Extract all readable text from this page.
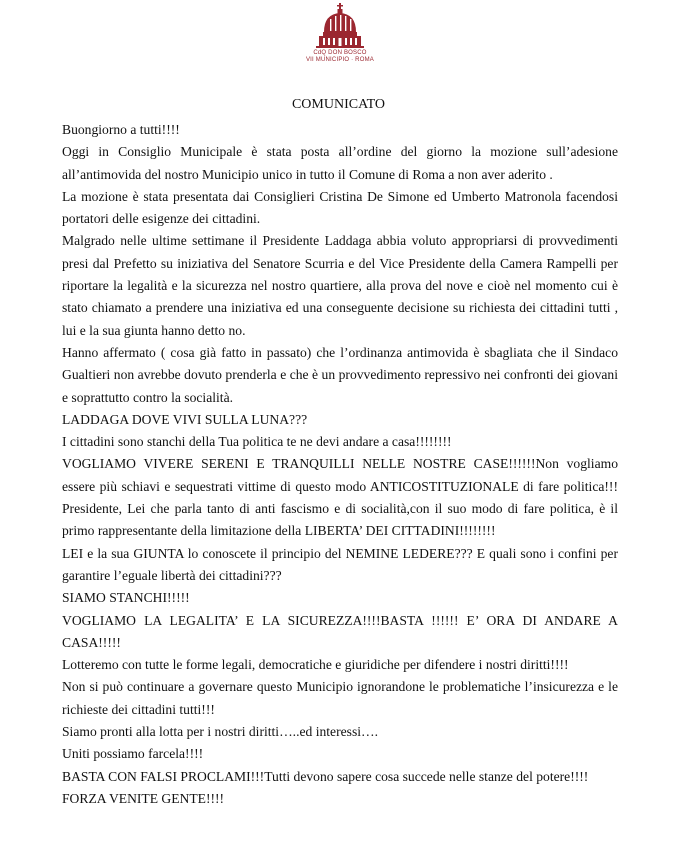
CdQ DON BOSCO
VII MUNICIPIO · ROMA
COMUNICATO
Buongiorno a tutti!!!!
Oggi in Consiglio Municipale è stata posta all’ordine del giorno la mozione sull’adesione
all’antimovida del nostro Municipio unico in tutto il Comune di Roma a non aver aderito .
La mozione è stata presentata dai Consiglieri Cristina De Simone ed Umberto Matronola facendosi
portatori delle esigenze dei cittadini.
Malgrado nelle ultime settimane il Presidente Laddaga abbia voluto appropriarsi di provvedimenti
presi dal Prefetto su iniziativa del Senatore Scurria e del Vice Presidente della Camera Rampelli per
riportare la legalità e la sicurezza nel nostro quartiere, alla prova del nove e cioè nel momento cui è
stato chiamato a prendere una iniziativa ed una conseguente decisione su richiesta dei cittadini tutti ,
lui e la sua giunta hanno detto no.
Hanno affermato ( cosa già fatto in passato) che l’ordinanza antimovida è sbagliata che il Sindaco
Gualtieri non avrebbe dovuto prenderla e che è un provvedimento repressivo nei confronti dei giovani
e soprattutto contro la socialità.
LADDAGA DOVE VIVI SULLA LUNA???
I cittadini sono stanchi della Tua politica te ne devi andare a casa!!!!!!!!
VOGLIAMO VIVERE SERENI E TRANQUILLI NELLE NOSTRE CASE!!!!!!Non vogliamo
essere più schiavi e sequestrati vittime di questo modo ANTICOSTITUZIONALE di fare politica!!!
Presidente, Lei che parla tanto di anti fascismo e di socialità,con il suo modo di fare politica, è il
primo rappresentante della limitazione della LIBERTA’ DEI CITTADINI!!!!!!!!
LEI e la sua GIUNTA lo conoscete il principio del NEMINE LEDERE??? E quali sono i confini per
garantire l’eguale libertà dei cittadini???
SIAMO STANCHI!!!!!
VOGLIAMO LA LEGALITA’ E LA SICUREZZA!!!!BASTA !!!!!! E’ ORA DI ANDARE A
CASA!!!!!
Lotteremo con tutte le forme legali, democratiche e giuridiche per difendere i nostri diritti!!!!
Non si può continuare a governare questo Municipio ignorandone le problematiche l’insicurezza e le
richieste dei cittadini tutti!!!
Siamo pronti alla lotta per i nostri diritti…..ed interessi….
Uniti possiamo farcela!!!!
BASTA CON FALSI PROCLAMI!!!Tutti devono sapere cosa succede nelle stanze del potere!!!!
FORZA VENITE GENTE!!!!
